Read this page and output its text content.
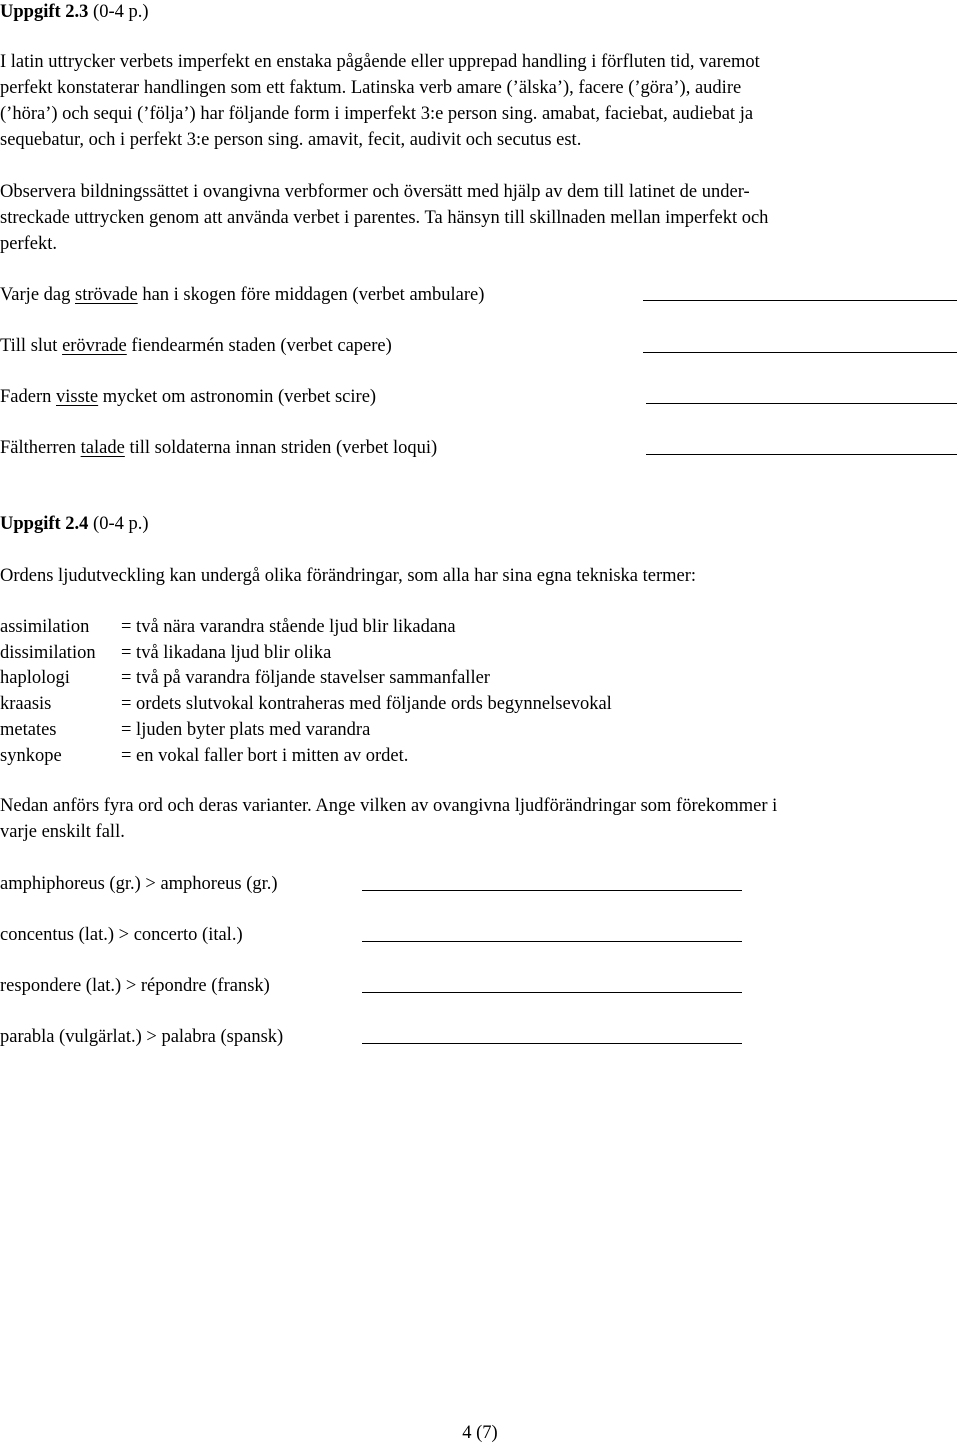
Uppgift 2.3 (0-4 p.)
I latin uttrycker verbets imperfekt en enstaka pågående eller upprepad handling i förfluten tid, varemot
perfekt konstaterar handlingen som ett faktum. Latinska verb amare (’älska’), facere (’göra’), audire
(’höra’) och sequi (’följa’) har följande form i imperfekt 3:e person sing. amabat, faciebat, audiebat ja
sequebatur, och i perfekt 3:e person sing. amavit, fecit, audivit och secutus est.
Observera bildningssättet i ovangivna verbformer och översätt med hjälp av dem till latinet de under-
streckade uttrycken genom att använda verbet i parentes. Ta hänsyn till skillnaden mellan imperfekt och
perfekt.
Varje dag strövade han i skogen före middagen (verbet ambulare)
Till slut erövrade fiendearmén staden (verbet capere)
Fadern visste mycket om astronomin (verbet scire)
Fältherren talade till soldaterna innan striden (verbet loqui)
Uppgift 2.4 (0-4 p.)
Ordens ljudutveckling kan undergå olika förändringar, som alla har sina egna tekniska termer:
assimilation = två nära varandra stående ljud blir likadana
dissimilation = två likadana ljud blir olika
haplologi	= två på varandra följande stavelser sammanfaller
kraasis	= ordets slutvokal kontraheras med följande ords begynnelsevokal
metates	= ljuden byter plats med varandra
synkope	= en vokal faller bort i mitten av ordet.
Nedan anförs fyra ord och deras varianter. Ange vilken av ovangivna ljudförändringar som förekommer i
varje enskilt fall.
amphiphoreus (gr.) > amphoreus (gr.)
concentus (lat.) > concerto (ital.)
respondere (lat.) > répondre (fransk)
parabla (vulgärlat.) > palabra (spansk)
4 (7)
